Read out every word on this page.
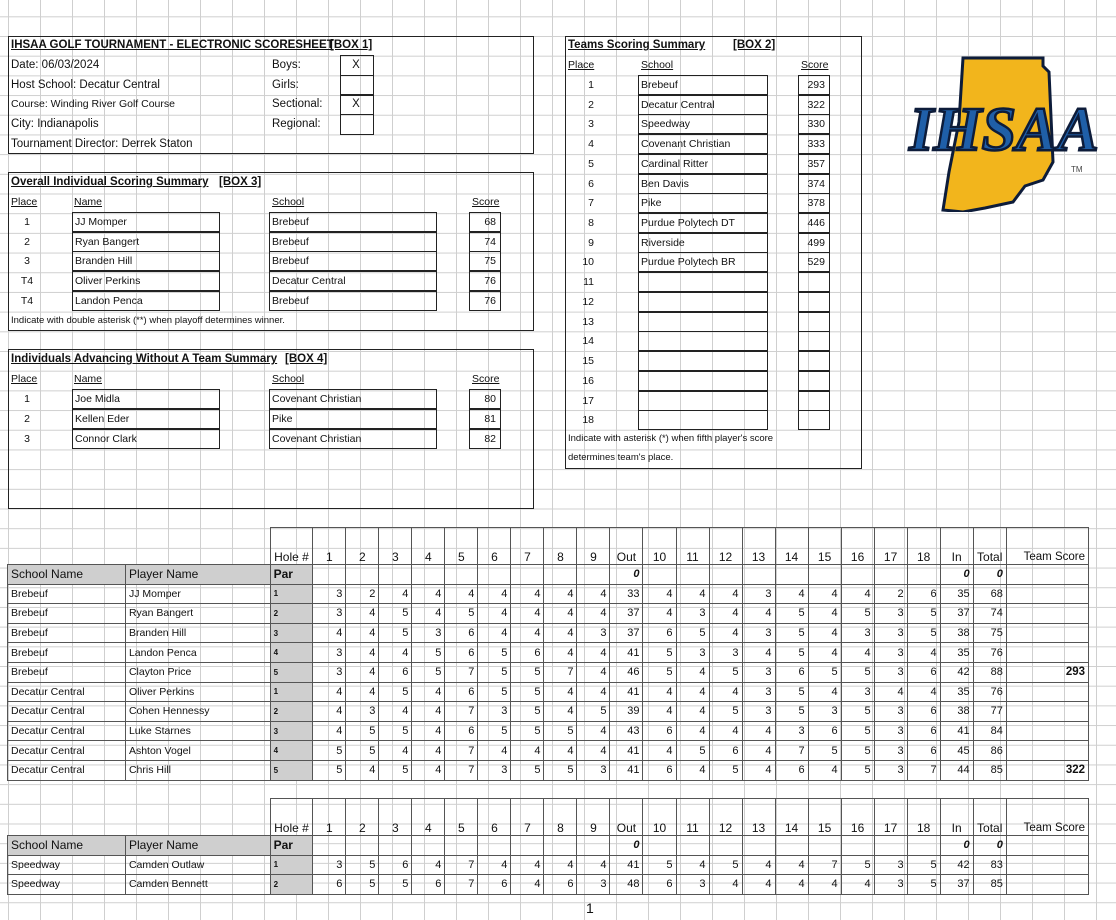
IHSAA GOLF TOURNAMENT - ELECTRONIC SCORESHEET
[BOX 1]
Date: 06/03/2024
Host School: Decatur Central
Course: Winding River Golf Course
City: Indianapolis
Tournament Director: Derrek Staton
Boys:	X
Girls:
Sectional:	X
Regional:
Overall Individual Scoring Summary [BOX 3]
Place	Name	School	Score
1	JJ Momper	Brebeuf	68
2	Ryan Bangert	Brebeuf	74
3	Branden Hill	Brebeuf	75
T4	Oliver Perkins	Decatur Central	76
T4	Landon Penca	Brebeuf	76
Indicate with double asterisk (**) when playoff determines winner.
Individuals Advancing Without A Team Summary [BOX 4]
Place	Name	School	Score
1	Joe Midla	Covenant Christian	80
2	Kellen Eder	Pike	81
3	Connor Clark	Covenant Christian	82
Teams Scoring Summary [BOX 2]
Place	School	Score
1	Brebeuf	293
2	Decatur Central	322
3	Speedway	330
4	Covenant Christian	333
5	Cardinal Ritter	357
6	Ben Davis	374
7	Pike	378
8	Purdue Polytech DT	446
9	Riverside	499
10	Purdue Polytech BR	529
11
12
13
14
15
16
17
18
Indicate with asterisk (*) when fifth player's score
determines team's place.
IHSAA
TM
		Hole #	1	2	3	4	5	6	7	8	9	Out	10	11	12	13	14	15	16	17	18	In	Total	Team Score
School Name	Player Name	Par										0										0	0	
Brebeuf	JJ Momper	1	3	2	4	4	4	4	4	4	4	33	4	4	4	3	4	4	4	2	6	35	68	
Brebeuf	Ryan Bangert	2	3	4	5	4	5	4	4	4	4	37	4	3	4	4	5	4	5	3	5	37	74	
Brebeuf	Branden Hill	3	4	4	5	3	6	4	4	4	3	37	6	5	4	3	5	4	3	3	5	38	75	
Brebeuf	Landon Penca	4	3	4	4	5	6	5	6	4	4	41	5	3	3	4	5	4	4	3	4	35	76	
Brebeuf	Clayton Price	5	3	4	6	5	7	5	5	7	4	46	5	4	5	3	6	5	5	3	6	42	88	293
Decatur Central	Oliver Perkins	1	4	4	5	4	6	5	5	4	4	41	4	4	4	3	5	4	3	4	4	35	76	
Decatur Central	Cohen Hennessy	2	4	3	4	4	7	3	5	4	5	39	4	4	5	3	5	3	5	3	6	38	77	
Decatur Central	Luke Starnes	3	4	5	5	4	6	5	5	5	4	43	6	4	4	4	3	6	5	3	6	41	84	
Decatur Central	Ashton Vogel	4	5	5	4	4	7	4	4	4	4	41	4	5	6	4	7	5	5	3	6	45	86	
Decatur Central	Chris Hill	5	5	4	5	4	7	3	5	5	3	41	6	4	5	4	6	4	5	3	7	44	85	322
		Hole #	1	2	3	4	5	6	7	8	9	Out	10	11	12	13	14	15	16	17	18	In	Total	Team Score
School Name	Player Name	Par										0										0	0	
Speedway	Camden Outlaw	1	3	5	6	4	7	4	4	4	4	41	5	4	5	4	4	7	5	3	5	42	83	
Speedway	Camden Bennett	2	6	5	5	6	7	6	4	6	3	48	6	3	4	4	4	4	4	3	5	37	85	
1
